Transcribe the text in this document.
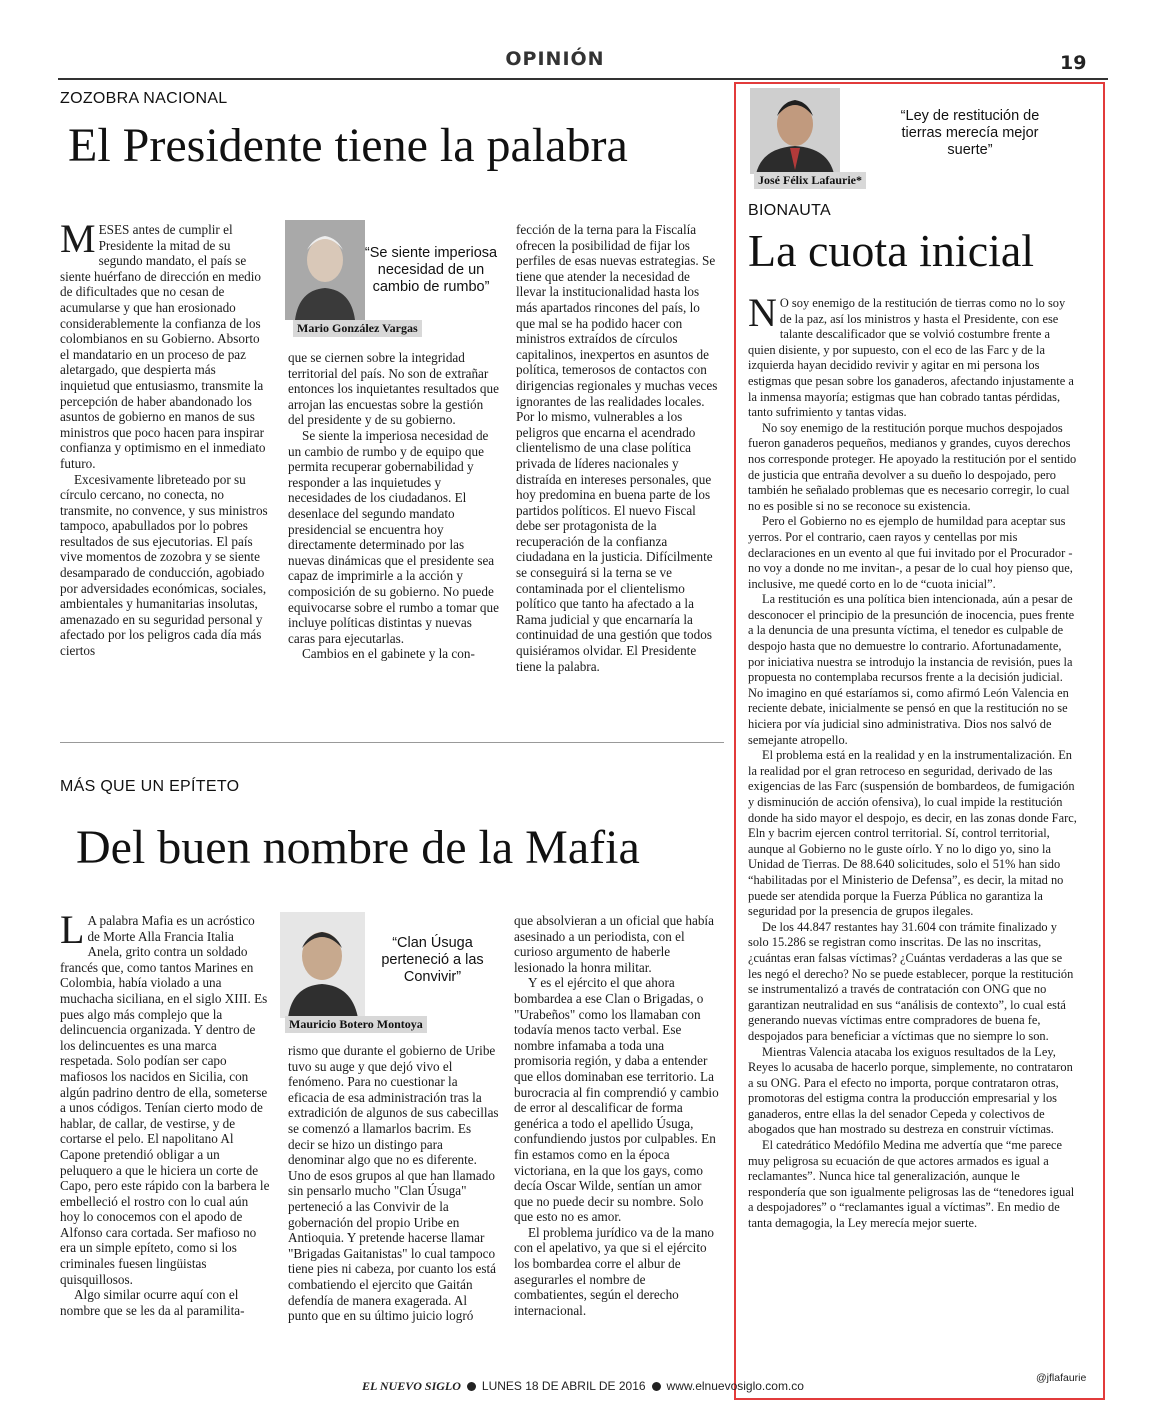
OPINIÓN	19
ZOZOBRA NACIONAL
El Presidente tiene la palabra
M ESES antes de cumplir el Presidente la mitad de su segundo mandato, el país se siente huérfano de dirección en medio de dificultades que no cesan de acumularse y que han erosionado considerablemente la confianza de los colombianos en su Gobierno. Absorto el mandatario en un proceso de paz aletargado, que despierta más inquietud que entusiasmo, transmite la percepción de haber abandonado los asuntos de gobierno en manos de sus ministros que poco hacen para inspirar confianza y optimismo en el inmediato futuro.

Excesivamente libreteado por su círculo cercano, no conecta, no transmite, no convence, y sus ministros tampoco, apabullados por lo pobres resultados de sus ejecutorias. El país vive momentos de zozobra y se siente desamparado de conducción, agobiado por adversidades económicas, sociales, ambientales y humanitarias insolutas, amenazado en su seguridad personal y afectado por los peligros cada día más ciertos

“Se siente imperiosa necesidad de un cambio de rumbo”
Mario González Vargas

que se ciernen sobre la integridad territorial del país. No son de extrañar entonces los inquietantes resultados que arrojan las encuestas sobre la gestión del presidente y de su gobierno.

Se siente la imperiosa necesidad de un cambio de rumbo y de equipo que permita recuperar gobernabilidad y responder a las inquietudes y necesidades de los ciudadanos. El desenlace del segundo mandato presidencial se encuentra hoy directamente determinado por las nuevas dinámicas que el presidente sea capaz de imprimirle a la acción y composición de su gobierno. No puede equivocarse sobre el rumbo a tomar que incluye políticas distintas y nuevas caras para ejecutarlas.

Cambios en el gabinete y la con-

fección de la terna para la Fiscalía ofrecen la posibilidad de fijar los perfiles de esas nuevas estrategias. Se tiene que atender la necesidad de llevar la institucionalidad hasta los más apartados rincones del país, lo que mal se ha podido hacer con ministros extraídos de círculos capitalinos, inexpertos en asuntos de política, temerosos de contactos con dirigencias regionales y muchas veces ignorantes de las realidades locales. Por lo mismo, vulnerables a los peligros que encarna el acendrado clientelismo de una clase política privada de líderes nacionales y distraída en intereses personales, que hoy predomina en buena parte de los partidos políticos. El nuevo Fiscal debe ser protagonista de la recuperación de la confianza ciudadana en la justicia. Difícilmente se conseguirá si la terna se ve contaminada por el clientelismo político que tanto ha afectado a la Rama judicial y que encarnaría la continuidad de una gestión que todos quisiéramos olvidar. El Presidente tiene la palabra.

MÁS QUE UN EPÍTETO
Del buen nombre de la Mafia
L A palabra Mafia es un acróstico de Morte Alla Francia Italia Anela, grito contra un soldado francés que, como tantos Marines en Colombia, había violado a una muchacha siciliana, en el siglo XIII. Es pues algo más complejo que la delincuencia organizada. Y dentro de los delincuentes es una marca respetada. Solo podían ser capo mafiosos los nacidos en Sicilia, con algún padrino dentro de ella, someterse a unos códigos. Tenían cierto modo de hablar, de callar, de vestirse, y de cortarse el pelo. El napolitano Al Capone pretendió obligar a un peluquero a que le hiciera un corte de Capo, pero este rápido con la barbera le embelleció el rostro con lo cual aún hoy lo conocemos con el apodo de Alfonso cara cortada. Ser mafioso no era un simple epíteto, como si los criminales fuesen lingüistas quisquillosos.

Algo similar ocurre aquí con el nombre que se les da al paramilita-

“Clan Úsuga perteneció a las Convivir”
Mauricio Botero Montoya

rismo que durante el gobierno de Uribe tuvo su auge y que dejó vivo el fenómeno. Para no cuestionar la eficacia de esa administración tras la extradición de algunos de sus cabecillas se comenzó a llamarlos bacrim. Es decir se hizo un distingo para denominar algo que no es diferente. Uno de esos grupos al que han llamado sin pensarlo mucho "Clan Úsuga" perteneció a las Convivir de la gobernación del propio Uribe en Antioquia. Y pretende hacerse llamar "Brigadas Gaitanistas" lo cual tampoco tiene pies ni cabeza, por cuanto los está combatiendo el ejercito que Gaitán defendía de manera exagerada. Al punto que en su último juicio logró

que absolvieran a un oficial que había asesinado a un periodista, con el curioso argumento de haberle lesionado la honra militar.

Y es el ejército el que ahora bombardea a ese Clan o Brigadas, o "Urabeños" como los llamaban con todavía menos tacto verbal. Ese nombre infamaba a toda una promisoria región, y daba a entender que ellos dominaban ese territorio. La burocracia al fin comprendió y cambio de error al descalificar de forma genérica a todo el apellido Úsuga, confundiendo justos por culpables. En fin estamos como en la época victoriana, en la que los gays, como decía Oscar Wilde, sentían un amor que no puede decir su nombre. Solo que esto no es amor.

El problema jurídico va de la mano con el apelativo, ya que si el ejército los bombardea corre el albur de asegurarles el nombre de combatientes, según el derecho internacional.

“Ley de restitución de tierras merecía mejor suerte”
José Félix Lafaurie*
BIONAUTA
La cuota inicial
N O soy enemigo de la restitución de tierras como no lo soy de la paz, así los ministros y hasta el Presidente, con ese talante descalificador que se volvió costumbre frente a quien disiente, y por supuesto, con el eco de las Farc y de la izquierda hayan decidido revivir y agitar en mi persona los estigmas que pesan sobre los ganaderos, afectando injustamente a la inmensa mayoría; estigmas que han cobrado tantas pérdidas, tanto sufrimiento y tantas vidas.

No soy enemigo de la restitución porque muchos despojados fueron ganaderos pequeños, medianos y grandes, cuyos derechos nos corresponde proteger. He apoyado la restitución por el sentido de justicia que entraña devolver a su dueño lo despojado, pero también he señalado problemas que es necesario corregir, lo cual no es posible si no se reconoce su existencia.

Pero el Gobierno no es ejemplo de humildad para aceptar sus yerros. Por el contrario, caen rayos y centellas por mis declaraciones en un evento al que fui invitado por el Procurador -no voy a donde no me invitan-, a pesar de lo cual hoy pienso que, inclusive, me quedé corto en lo de “cuota inicial”.

La restitución es una política bien intencionada, aún a pesar de desconocer el principio de la presunción de inocencia, pues frente a la denuncia de una presunta víctima, el tenedor es culpable de despojo hasta que no demuestre lo contrario. Afortunadamente, por iniciativa nuestra se introdujo la instancia de revisión, pues la propuesta no contemplaba recursos frente a la decisión judicial. No imagino en qué estaríamos si, como afirmó León Valencia en reciente debate, inicialmente se pensó en que la restitución no se hiciera por vía judicial sino administrativa. Dios nos salvó de semejante atropello.

El problema está en la realidad y en la instrumentalización. En la realidad por el gran retroceso en seguridad, derivado de las exigencias de las Farc (suspensión de bombardeos, de fumigación y disminución de acción ofensiva), lo cual impide la restitución donde ha sido mayor el despojo, es decir, en las zonas donde Farc, Eln y bacrim ejercen control territorial. Sí, control territorial, aunque al Gobierno no le guste oírlo. Y no lo digo yo, sino la Unidad de Tierras. De 88.640 solicitudes, solo el 51% han sido “habilitadas por el Ministerio de Defensa”, es decir, la mitad no puede ser atendida porque la Fuerza Pública no garantiza la seguridad por la presencia de grupos ilegales.

De los 44.847 restantes hay 31.604 con trámite finalizado y solo 15.286 se registran como inscritas. De las no inscritas, ¿cuántas eran falsas víctimas? ¿Cuántas verdaderas a las que se les negó el derecho? No se puede establecer, porque la restitución se instrumentalizó a través de contratación con ONG que no garantizan neutralidad en sus “análisis de contexto”, lo cual está generando nuevas víctimas entre compradores de buena fe, despojados para beneficiar a víctimas que no siempre lo son.

Mientras Valencia atacaba los exiguos resultados de la Ley, Reyes lo acusaba de hacerlo porque, simplemente, no contrataron a su ONG. Para el efecto no importa, porque contrataron otras, promotoras del estigma contra la producción empresarial y los ganaderos, entre ellas la del senador Cepeda y colectivos de abogados que han mostrado su destreza en construir víctimas.

El catedrático Medófilo Medina me advertía que “me parece muy peligrosa su ecuación de que actores armados es igual a reclamantes”. Nunca hice tal generalización, aunque le respondería que son igualmente peligrosas las de “tenedores igual a despojadores” o “reclamantes igual a víctimas”. En medio de tanta demagogia, la Ley merecía mejor suerte.

@jflafaurie
EL NUEVO SIGLO LUNES 18 DE ABRIL DE 2016 www.elnuevosiglo.com.co
